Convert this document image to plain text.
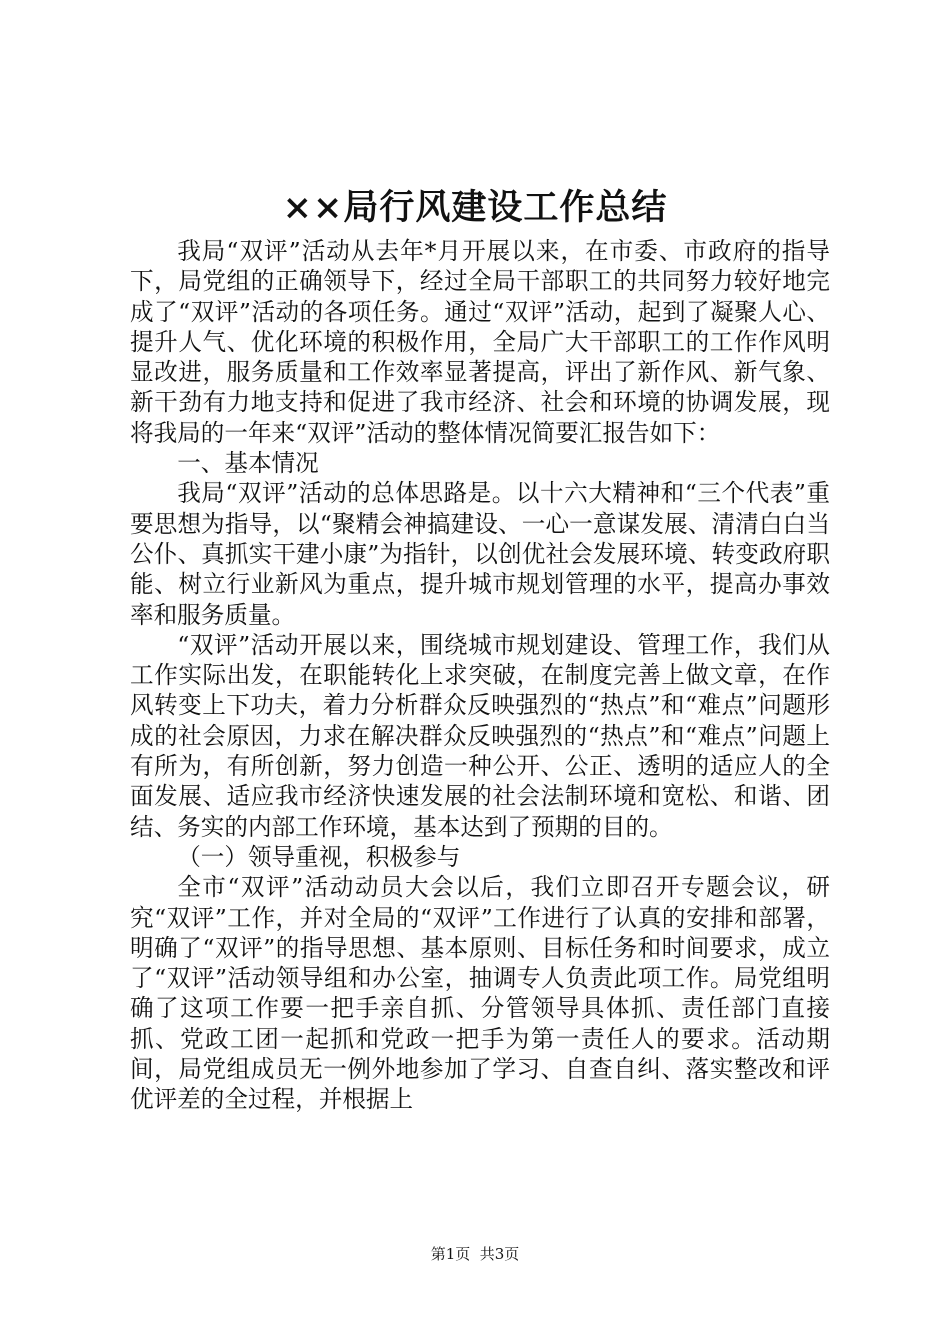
××局行风建设工作总结

我局“双评”活动从去年*月开展以来，在市委、市政府的指导下，局党组的正确领导下，经过全局干部职工的共同努力较好地完成了“双评”活动的各项任务。通过“双评”活动，起到了凝聚人心、提升人气、优化环境的积极作用，全局广大干部职工的工作作风明显改进，服务质量和工作效率显著提高，评出了新作风、新气象、新干劲有力地支持和促进了我市经济、社会和环境的协调发展，现将我局的一年来“双评”活动的整体情况简要汇报告如下：

一、基本情况

我局“双评”活动的总体思路是。以十六大精神和“三个代表”重要思想为指导，以“聚精会神搞建设、一心一意谋发展、清清白白当公仆、真抓实干建小康”为指针，以创优社会发展环境、转变政府职能、树立行业新风为重点，提升城市规划管理的水平，提高办事效率和服务质量。

“双评”活动开展以来，围绕城市规划建设、管理工作，我们从工作实际出发，在职能转化上求突破，在制度完善上做文章，在作风转变上下功夫，着力分析群众反映强烈的“热点”和“难点”问题形成的社会原因，力求在解决群众反映强烈的“热点”和“难点”问题上有所为，有所创新，努力创造一种公开、公正、透明的适应人的全面发展、适应我市经济快速发展的社会法制环境和宽松、和谐、团结、务实的内部工作环境，基本达到了预期的目的。

（一）领导重视，积极参与

全市“双评”活动动员大会以后，我们立即召开专题会议，研究“双评”工作，并对全局的“双评”工作进行了认真的安排和部署，明确了“双评”的指导思想、基本原则、目标任务和时间要求，成立了“双评”活动领导组和办公室，抽调专人负责此项工作。局党组明确了这项工作要一把手亲自抓、分管领导具体抓、责任部门直接抓、党政工团一起抓和党政一把手为第一责任人的要求。活动期间，局党组成员无一例外地参加了学习、自查自纠、落实整改和评优评差的全过程，并根据上

第1页  共3页
